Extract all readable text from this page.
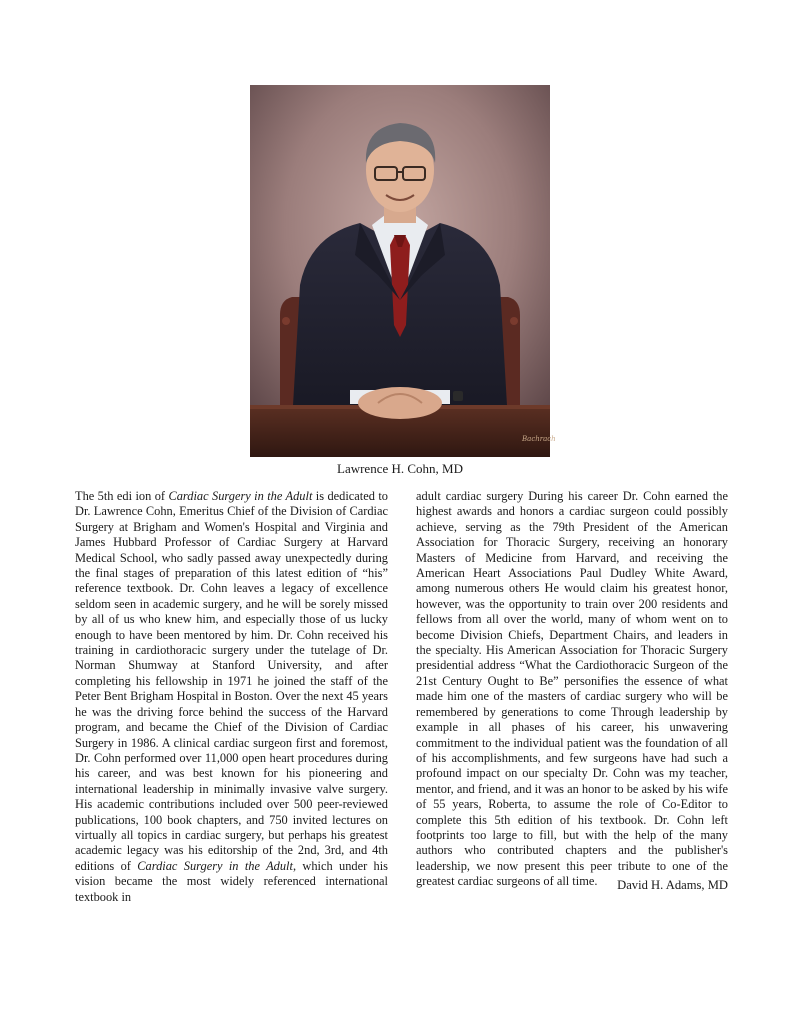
Bachrach
Lawrence H. Cohn, MD

The 5th edi ion of Cardiac Surgery in the Adult is dedicated to Dr. Lawrence Cohn, Emeritus Chief of the Division of Cardiac Surgery at Brigham and Women's Hospital and Virginia and James Hubbard Professor of Cardiac Surgery at Harvard Medical School, who sadly passed away unexpectedly during the final stages of preparation of this latest edition of “his” reference textbook. Dr. Cohn leaves a legacy of excellence seldom seen in academic surgery, and he will be sorely missed by all of us who knew him, and especially those of us lucky enough to have been mentored by him. Dr. Cohn received his training in cardiothoracic surgery under the tutelage of Dr. Norman Shumway at Stanford University, and after completing his fellowship in 1971 he joined the staff of the Peter Bent Brigham Hospital in Boston. Over the next 45 years he was the driving force behind the success of the Harvard program, and became the Chief of the Division of Cardiac Surgery in 1986. A clinical cardiac surgeon first and foremost, Dr. Cohn performed over 11,000 open heart procedures during his career, and was best known for his pioneering and international leadership in minimally invasive valve surgery. His academic contributions included over 500 peer-reviewed publications, 100 book chapters, and 750 invited lectures on virtually all topics in cardiac surgery, but perhaps his greatest academic legacy was his editorship of the 2nd, 3rd, and 4th editions of Cardiac Surgery in the Adult, which under his vision became the most widely referenced international textbook in

adult cardiac surgery During his career Dr. Cohn earned the highest awards and honors a cardiac surgeon could possibly achieve, serving as the 79th President of the American Association for Thoracic Surgery, receiving an honorary Masters of Medicine from Harvard, and receiving the American Heart Associations Paul Dudley White Award, among numerous others He would claim his greatest honor, however, was the opportunity to train over 200 residents and fellows from all over the world, many of whom went on to become Division Chiefs, Department Chairs, and leaders in the specialty. His American Association for Thoracic Surgery presidential address “What the Cardiothoracic Surgeon of the 21st Century Ought to Be” personifies the essence of what made him one of the masters of cardiac surgery who will be remembered by generations to come Through leadership by example in all phases of his career, his unwavering commitment to the individual patient was the foundation of all of his accomplishments, and few surgeons have had such a profound impact on our specialty Dr. Cohn was my teacher, mentor, and friend, and it was an honor to be asked by his wife of 55 years, Roberta, to assume the role of Co-Editor to complete this 5th edition of his textbook. Dr. Cohn left footprints too large to fill, but with the help of the many authors who contributed chapters and the publisher's leadership, we now present this peer tribute to one of the greatest cardiac surgeons of all time.	David H. Adams, MD
